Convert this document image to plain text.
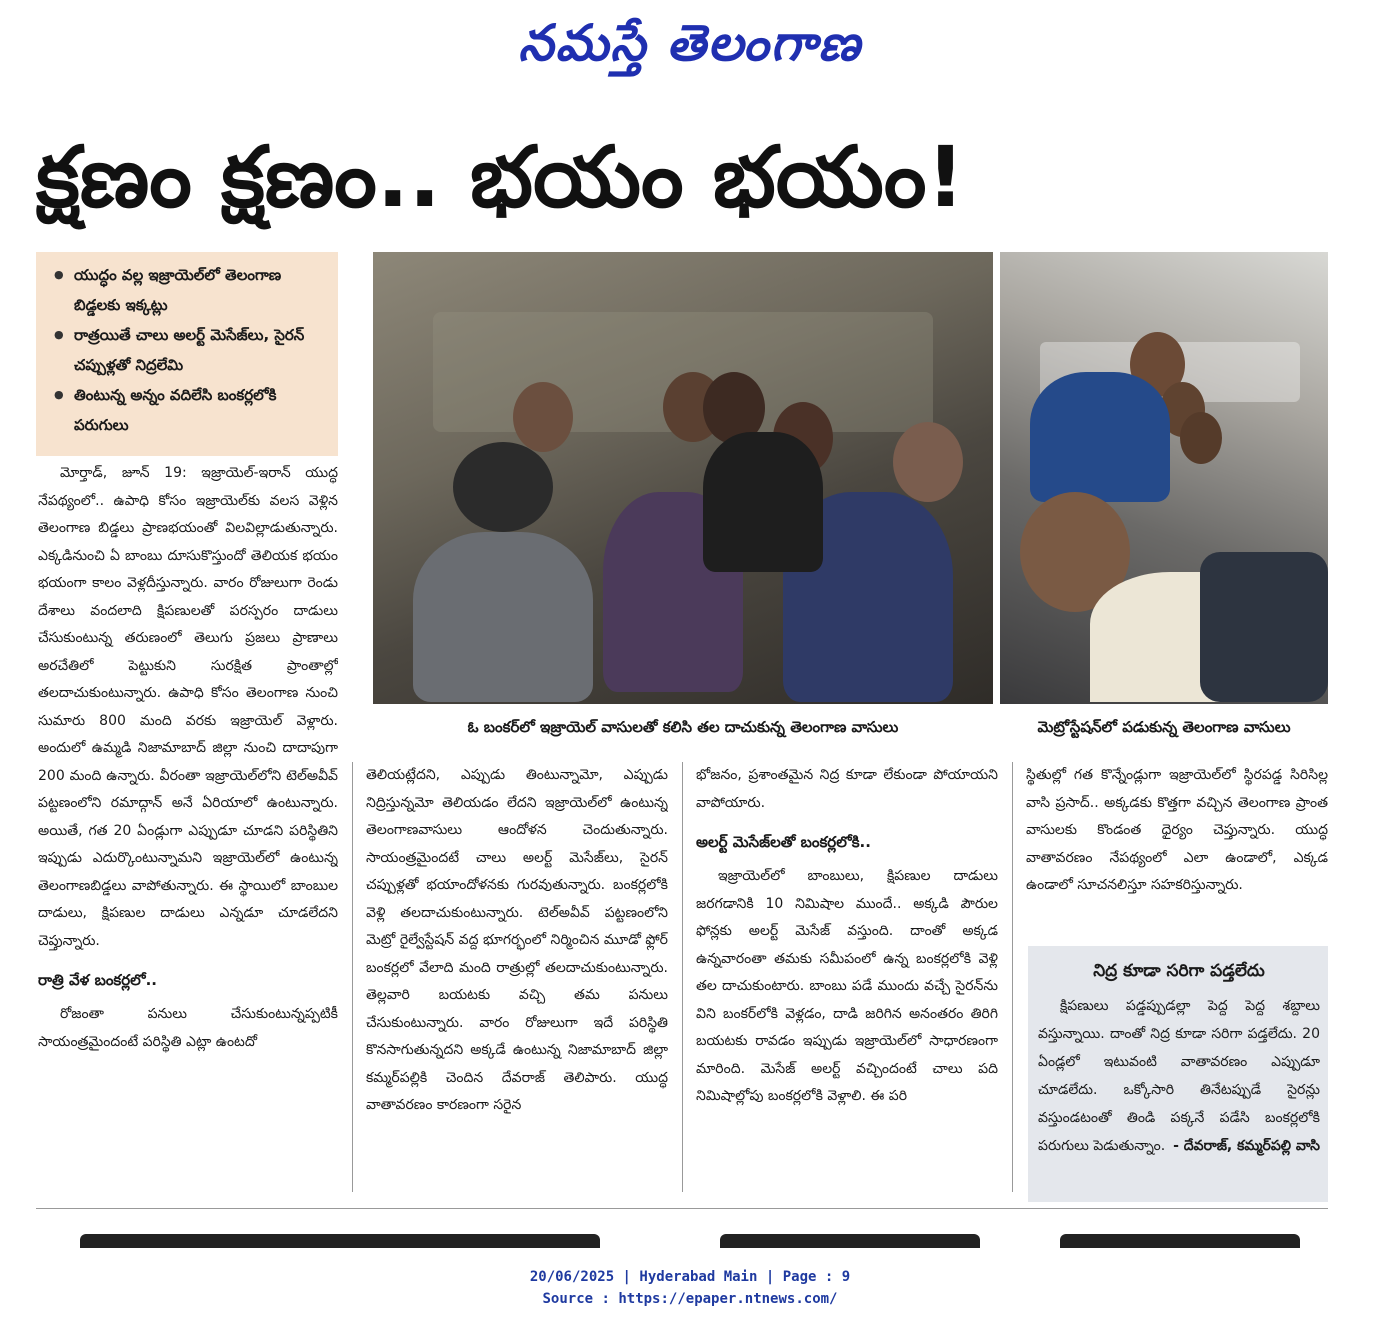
నమస్తే తెలంగాణ
క్షణం క్షణం.. భయం భయం!
● యుద్ధం వల్ల ఇజ్రాయెల్‌లో తెలంగాణ బిడ్డలకు ఇక్కట్లు
● రాత్రయితే చాలు అలర్ట్ మెసేజ్‌లు, సైరన్ చప్పుళ్లతో నిద్రలేమి
● తింటున్న అన్నం వదిలేసి బంకర్లలోకి పరుగులు
ఓ బంకర్‌లో ఇజ్రాయెల్ వాసులతో కలిసి తల దాచుకున్న తెలంగాణ వాసులు	మెట్రోస్టేషన్‌లో పడుకున్న తెలంగాణ వాసులు

మోర్తాడ్, జూన్ 19: ఇజ్రాయెల్-ఇరాన్ యుద్ధ నేపథ్యంలో.. ఉపాధి కోసం ఇజ్రాయెల్‌కు వలస వెళ్లిన తెలంగాణ బిడ్డలు ప్రాణభయంతో విలవిల్లాడుతున్నారు. ఎక్కడినుంచి ఏ బాంబు దూసుకొస్తుందో తెలియక భయం భయంగా కాలం వెళ్లదీస్తున్నారు. వారం రోజులుగా రెండు దేశాలు వందలాది క్షిపణులతో పరస్పరం దాడులు చేసుకుంటున్న తరుణంలో తెలుగు ప్రజలు ప్రాణాలు అరచేతిలో పెట్టుకుని సురక్షిత ప్రాంతాల్లో తలదాచుకుంటున్నారు. ఉపాధి కోసం తెలంగాణ నుంచి సుమారు 800 మంది వరకు ఇజ్రాయెల్ వెళ్లారు. అందులో ఉమ్మడి నిజామాబాద్ జిల్లా నుంచి దాదాపుగా 200 మంది ఉన్నారు. వీరంతా ఇజ్రాయెల్‌లోని టెల్‌అవీవ్ పట్టణంలోని రమాద్గాన్ అనే ఏరియాలో ఉంటున్నారు. అయితే, గత 20 ఏండ్లుగా ఎప్పుడూ చూడని పరిస్థితిని ఇప్పుడు ఎదుర్కొంటున్నామని ఇజ్రాయెల్‌లో ఉంటున్న తెలంగాణబిడ్డలు వాపోతున్నారు. ఈ స్థాయిలో బాంబుల దాడులు, క్షిపణుల దాడులు ఎన్నడూ చూడలేదని చెప్తున్నారు.

రాత్రి వేళ బంకర్లలో..

రోజంతా పనులు చేసుకుంటున్నప్పటికీ సాయంత్రమైందంటే పరిస్థితి ఎట్లా ఉంటదో

తెలియట్లేదని, ఎప్పుడు తింటున్నామో, ఎప్పుడు నిద్రిస్తున్నమో తెలియడం లేదని ఇజ్రాయెల్‌లో ఉంటున్న తెలంగాణవాసులు ఆందోళన చెందుతున్నారు. సాయంత్రమైందటే చాలు అలర్ట్ మెసేజ్‌లు, సైరన్ చప్పుళ్లతో భయాందోళనకు గురవుతున్నారు. బంకర్లలోకి వెళ్లి తలదాచుకుంటున్నారు. టెల్‌అవీవ్ పట్టణంలోని మెట్రో రైల్వేస్టేషన్ వద్ద భూగర్భంలో నిర్మించిన మూడో ఫ్లోర్ బంకర్లలో వేలాది మంది రాత్రుల్లో తలదాచుకుంటున్నారు. తెల్లవారి బయటకు వచ్చి తమ పనులు చేసుకుంటున్నారు. వారం రోజులుగా ఇదే పరిస్థితి కొనసాగుతున్నదని అక్కడే ఉంటున్న నిజామాబాద్ జిల్లా కమ్మర్‌పల్లికి చెందిన దేవరాజ్ తెలిపారు. యుద్ధ వాతావరణం కారణంగా సరైన

భోజనం, ప్రశాంతమైన నిద్ర కూడా లేకుండా పోయాయని వాపోయారు.

అలర్ట్ మెసేజ్‌లతో బంకర్లలోకి..

ఇజ్రాయెల్‌లో బాంబులు, క్షిపణుల దాడులు జరగడానికి 10 నిమిషాల ముందే.. అక్కడి పౌరుల ఫోన్లకు అలర్ట్ మెసేజ్ వస్తుంది. దాంతో అక్కడ ఉన్నవారంతా తమకు సమీపంలో ఉన్న బంకర్లలోకి వెళ్లి తల దాచుకుంటారు. బాంబు పడే ముందు వచ్చే సైరన్‌ను విని బంకర్‌లోకి వెళ్లడం, దాడి జరిగిన అనంతరం తిరిగి బయటకు రావడం ఇప్పుడు ఇజ్రాయెల్‌లో సాధారణంగా మారింది. మెసేజ్ అలర్ట్ వచ్చిందంటే చాలు పది నిమిషాల్లోపు బంకర్లలోకి వెళ్లాలి. ఈ పరి

స్థితుల్లో గత కొన్నేండ్లుగా ఇజ్రాయెల్‌లో స్థిరపడ్డ సిరిసిల్ల వాసి ప్రసాద్.. అక్కడకు కొత్తగా వచ్చిన తెలంగాణ ప్రాంత వాసులకు కొండంత ధైర్యం చెప్తున్నారు. యుద్ధ వాతావరణం నేపథ్యంలో ఎలా ఉండాలో, ఎక్కడ ఉండాలో సూచనలిస్తూ సహకరిస్తున్నారు.

నిద్ర కూడా సరిగా పడ్తలేదు

క్షిపణులు పడ్డప్పుడల్లా పెద్ద పెద్ద శబ్దాలు వస్తున్నాయి. దాంతో నిద్ర కూడా సరిగా పడ్తలేదు. 20 ఏండ్లలో ఇటువంటి వాతావరణం ఎప్పుడూ చూడలేదు. ఒక్కోసారి తినేటప్పుడే సైరన్లు వస్తుండటంతో తిండి పక్కనే పడేసి బంకర్లలోకి పరుగులు పెడుతున్నాం. - దేవరాజ్, కమ్మర్‌పల్లి వాసి

20/06/2025 | Hyderabad Main | Page : 9
Source : https://epaper.ntnews.com/
